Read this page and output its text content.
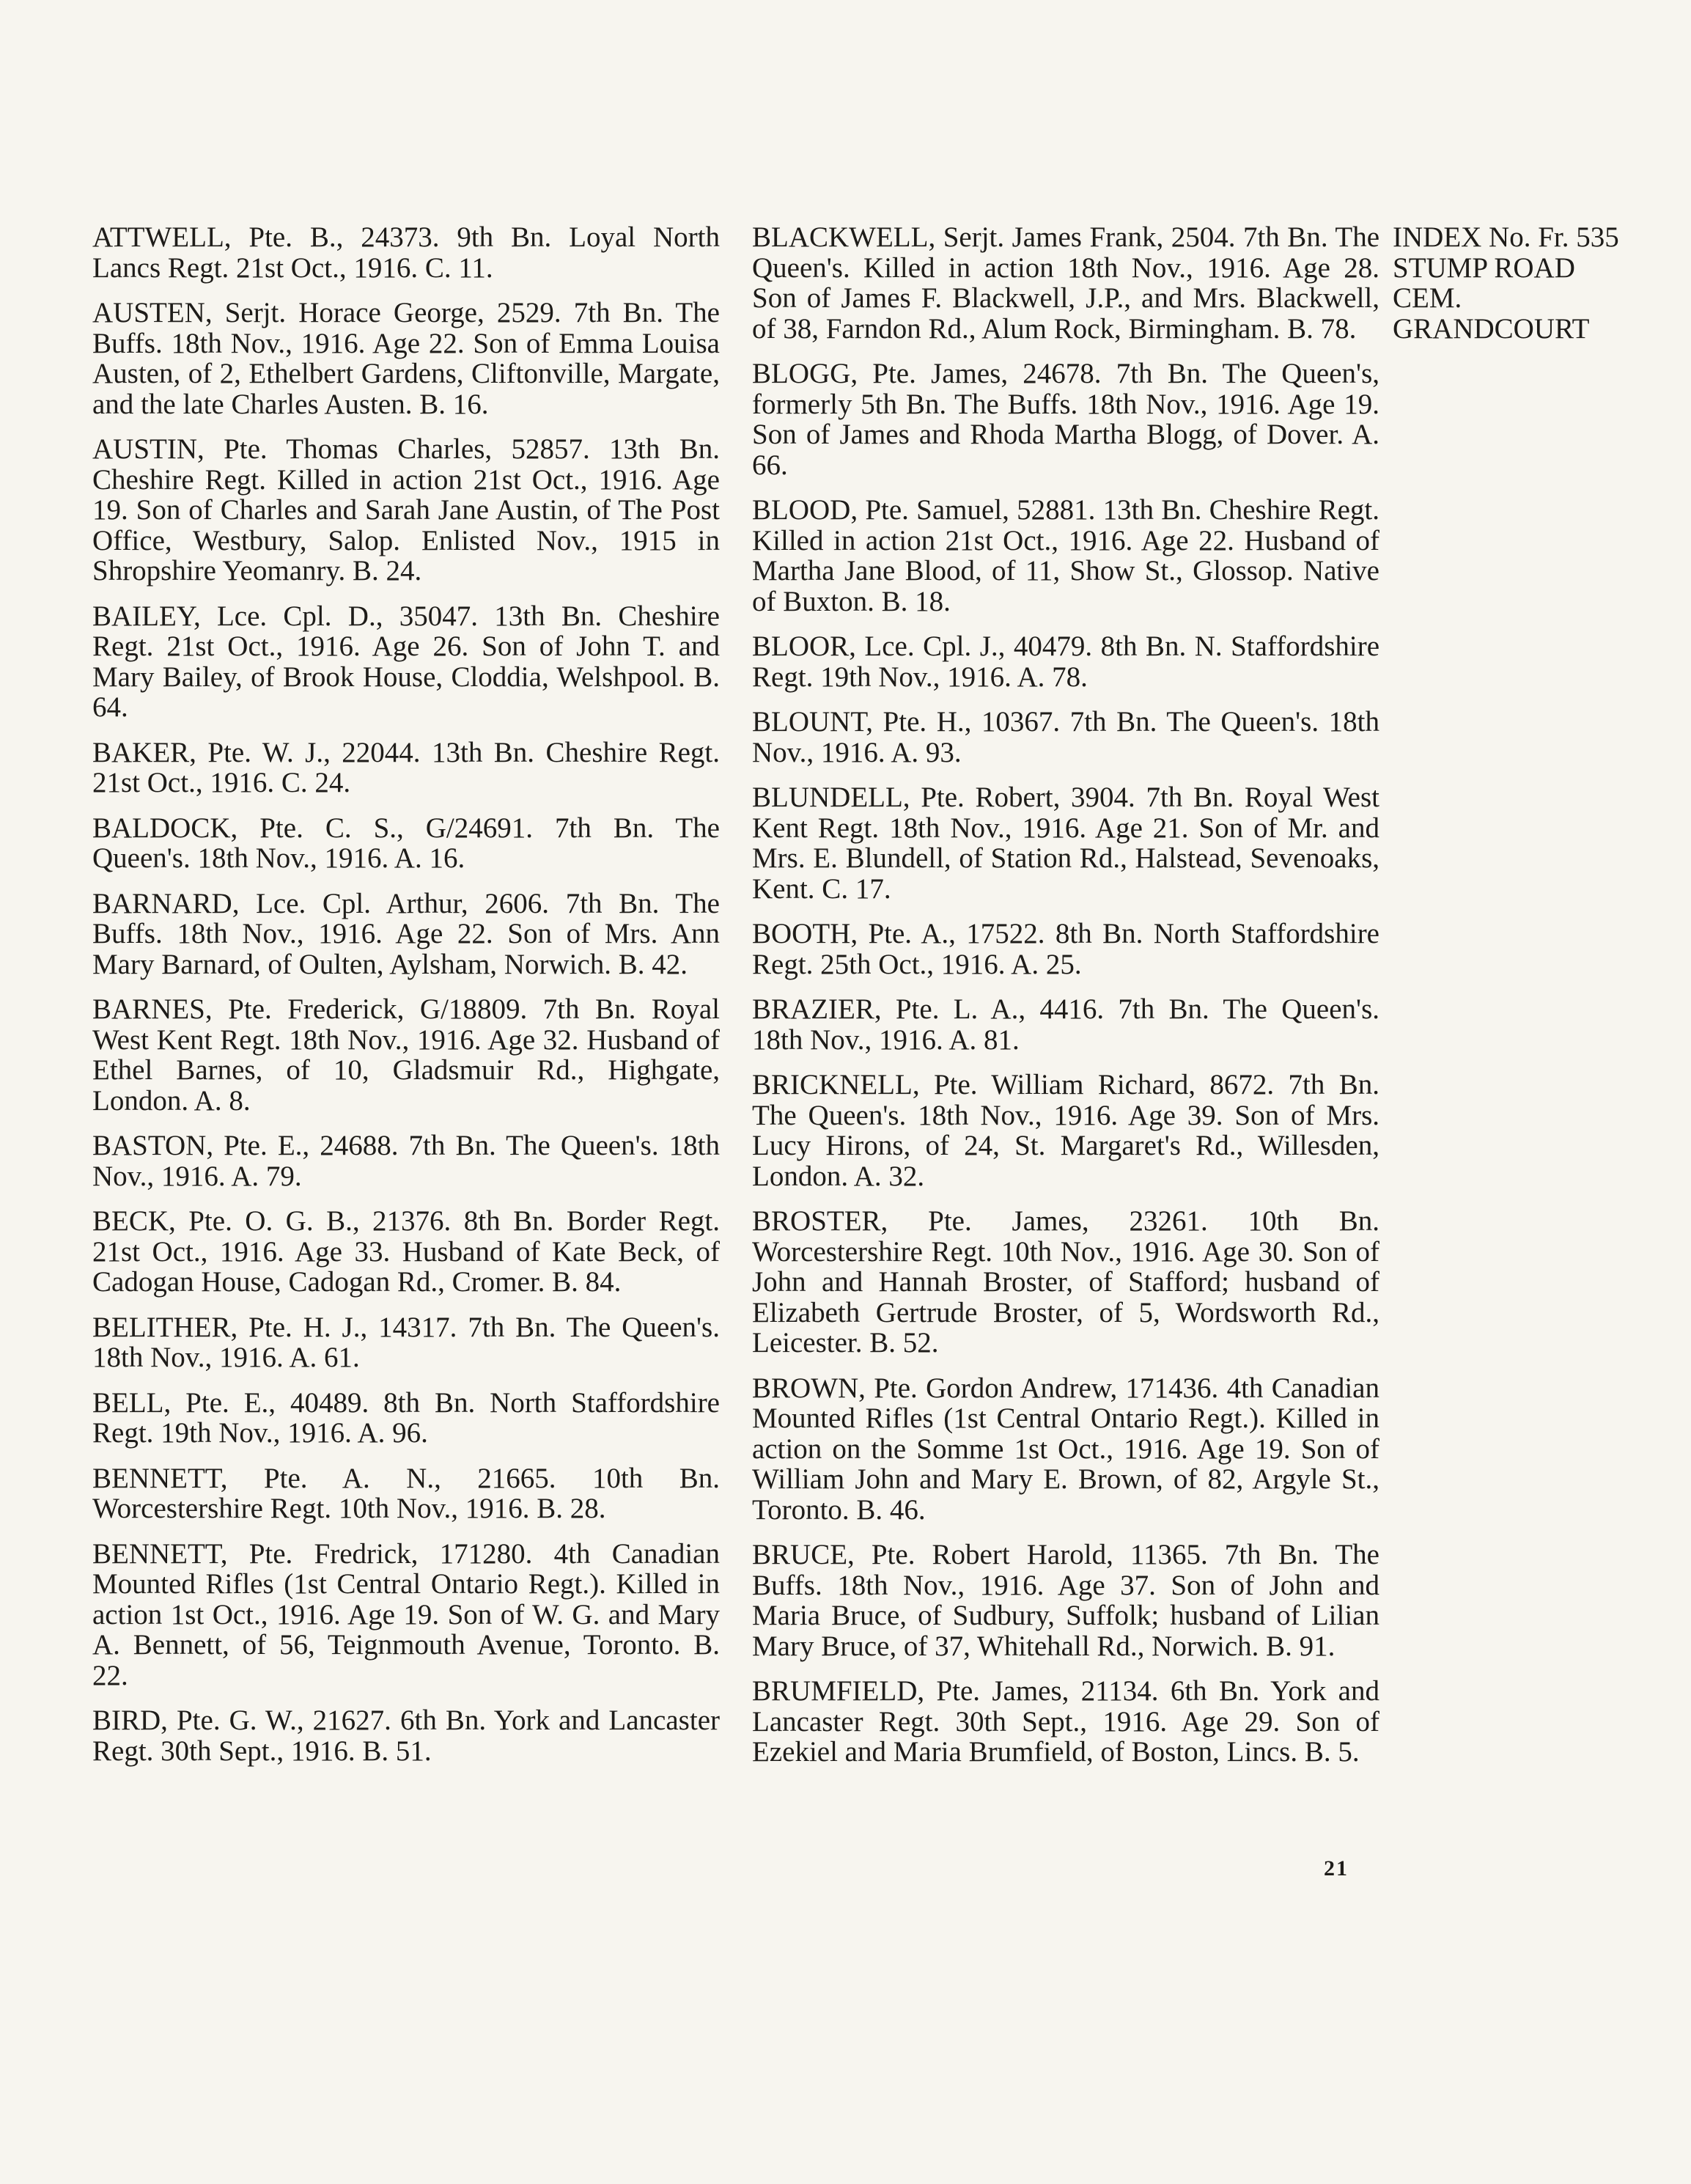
ATTWELL, Pte. B., 24373. 9th Bn. Loyal North Lancs Regt. 21st Oct., 1916. C. 11.
AUSTEN, Serjt. Horace George, 2529. 7th Bn. The Buffs. 18th Nov., 1916. Age 22. Son of Emma Louisa Austen, of 2, Ethelbert Gardens, Cliftonville, Margate, and the late Charles Austen. B. 16.
AUSTIN, Pte. Thomas Charles, 52857. 13th Bn. Cheshire Regt. Killed in action 21st Oct., 1916. Age 19. Son of Charles and Sarah Jane Austin, of The Post Office, Westbury, Salop. Enlisted Nov., 1915 in Shropshire Yeomanry. B. 24.
BAILEY, Lce. Cpl. D., 35047. 13th Bn. Cheshire Regt. 21st Oct., 1916. Age 26. Son of John T. and Mary Bailey, of Brook House, Cloddia, Welshpool. B. 64.
BAKER, Pte. W. J., 22044. 13th Bn. Cheshire Regt. 21st Oct., 1916. C. 24.
BALDOCK, Pte. C. S., G/24691. 7th Bn. The Queen's. 18th Nov., 1916. A. 16.
BARNARD, Lce. Cpl. Arthur, 2606. 7th Bn. The Buffs. 18th Nov., 1916. Age 22. Son of Mrs. Ann Mary Barnard, of Oulten, Aylsham, Norwich. B. 42.
BARNES, Pte. Frederick, G/18809. 7th Bn. Royal West Kent Regt. 18th Nov., 1916. Age 32. Husband of Ethel Barnes, of 10, Gladsmuir Rd., Highgate, London. A. 8.
BASTON, Pte. E., 24688. 7th Bn. The Queen's. 18th Nov., 1916. A. 79.
BECK, Pte. O. G. B., 21376. 8th Bn. Border Regt. 21st Oct., 1916. Age 33. Husband of Kate Beck, of Cadogan House, Cadogan Rd., Cromer. B. 84.
BELITHER, Pte. H. J., 14317. 7th Bn. The Queen's. 18th Nov., 1916. A. 61.
BELL, Pte. E., 40489. 8th Bn. North Staffordshire Regt. 19th Nov., 1916. A. 96.
BENNETT, Pte. A. N., 21665. 10th Bn. Worcestershire Regt. 10th Nov., 1916. B. 28.
BENNETT, Pte. Fredrick, 171280. 4th Canadian Mounted Rifles (1st Central Ontario Regt.). Killed in action 1st Oct., 1916. Age 19. Son of W. G. and Mary A. Bennett, of 56, Teignmouth Avenue, Toronto. B. 22.
BIRD, Pte. G. W., 21627. 6th Bn. York and Lancaster Regt. 30th Sept., 1916. B. 51.
BLACKWELL, Serjt. James Frank, 2504. 7th Bn. The Queen's. Killed in action 18th Nov., 1916. Age 28. Son of James F. Blackwell, J.P., and Mrs. Blackwell, of 38, Farndon Rd., Alum Rock, Birmingham. B. 78.
BLOGG, Pte. James, 24678. 7th Bn. The Queen's, formerly 5th Bn. The Buffs. 18th Nov., 1916. Age 19. Son of James and Rhoda Martha Blogg, of Dover. A. 66.
BLOOD, Pte. Samuel, 52881. 13th Bn. Cheshire Regt. Killed in action 21st Oct., 1916. Age 22. Husband of Martha Jane Blood, of 11, Show St., Glossop. Native of Buxton. B. 18.
BLOOR, Lce. Cpl. J., 40479. 8th Bn. N. Staffordshire Regt. 19th Nov., 1916. A. 78.
BLOUNT, Pte. H., 10367. 7th Bn. The Queen's. 18th Nov., 1916. A. 93.
BLUNDELL, Pte. Robert, 3904. 7th Bn. Royal West Kent Regt. 18th Nov., 1916. Age 21. Son of Mr. and Mrs. E. Blundell, of Station Rd., Halstead, Sevenoaks, Kent. C. 17.
BOOTH, Pte. A., 17522. 8th Bn. North Staffordshire Regt. 25th Oct., 1916. A. 25.
BRAZIER, Pte. L. A., 4416. 7th Bn. The Queen's. 18th Nov., 1916. A. 81.
BRICKNELL, Pte. William Richard, 8672. 7th Bn. The Queen's. 18th Nov., 1916. Age 39. Son of Mrs. Lucy Hirons, of 24, St. Margaret's Rd., Willesden, London. A. 32.
BROSTER, Pte. James, 23261. 10th Bn. Worcestershire Regt. 10th Nov., 1916. Age 30. Son of John and Hannah Broster, of Stafford; husband of Elizabeth Gertrude Broster, of 5, Wordsworth Rd., Leicester. B. 52.
BROWN, Pte. Gordon Andrew, 171436. 4th Canadian Mounted Rifles (1st Central Ontario Regt.). Killed in action on the Somme 1st Oct., 1916. Age 19. Son of William John and Mary E. Brown, of 82, Argyle St., Toronto. B. 46.
BRUCE, Pte. Robert Harold, 11365. 7th Bn. The Buffs. 18th Nov., 1916. Age 37. Son of John and Maria Bruce, of Sudbury, Suffolk; husband of Lilian Mary Bruce, of 37, Whitehall Rd., Norwich. B. 91.
BRUMFIELD, Pte. James, 21134. 6th Bn. York and Lancaster Regt. 30th Sept., 1916. Age 29. Son of Ezekiel and Maria Brumfield, of Boston, Lincs. B. 5.
INDEX No. Fr. 535
STUMP ROAD
CEM.
GRANDCOURT
21
